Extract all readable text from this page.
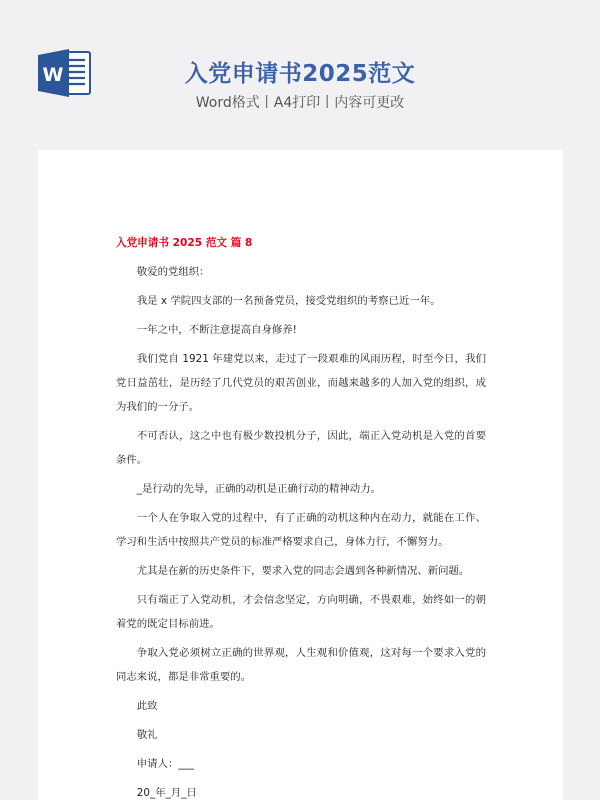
W	入党申请书2025范文
Word格式丨A4打印丨内容可更改
入党申请书 2025 范文 篇 8

敬爱的党组织：

我是 x 学院四支部的一名预备党员，接受党组织的考察已近一年。

一年之中，不断注意提高自身修养!

我们党自 1921 年建党以来，走过了一段艰难的风雨历程，时至今日，我们党日益茁壮，是历经了几代党员的艰苦创业，而越来越多的人加入党的组织，成为我们的一分子。

不可否认，这之中也有极少数投机分子，因此，端正入党动机是入党的首要条件。

_是行动的先导，正确的动机是正确行动的精神动力。

一个人在争取入党的过程中，有了正确的动机这种内在动力，就能在工作、学习和生活中按照共产党员的标准严格要求自己，身体力行，不懈努力。

尤其是在新的历史条件下，要求入党的同志会遇到各种新情况、新问题。

只有端正了入党动机，才会信念坚定，方向明确，不畏艰难，始终如一的朝着党的既定目标前进。

争取入党必须树立正确的世界观，人生观和价值观，这对每一个要求入党的同志来说，都是非常重要的。

此致

敬礼

申请人：___

20_年_月_日
